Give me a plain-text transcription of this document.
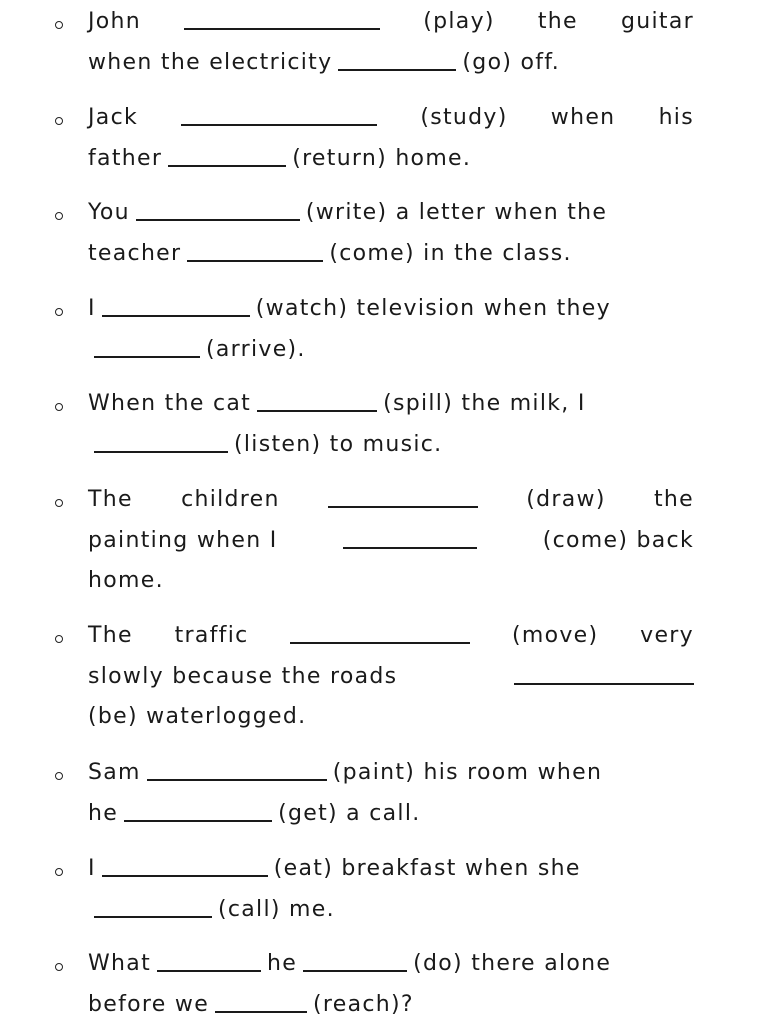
John	(play) the guitar
when the electricity	(go) off.
Jack	(study) when his
father	(return) home.
You	(write) a letter when the
teacher	(come) in the class.
I	(watch) television when they
(arrive).
When the cat	(spill) the milk, I
(listen) to music.
The children	(draw) the
painting when I	(come) back
home.
The traffic	(move) very
slowly because the roads
(be) waterlogged.
Sam	(paint) his room when
he	(get) a call.
I	(eat) breakfast when she
(call) me.
What	he	(do) there alone
before we	(reach)?
